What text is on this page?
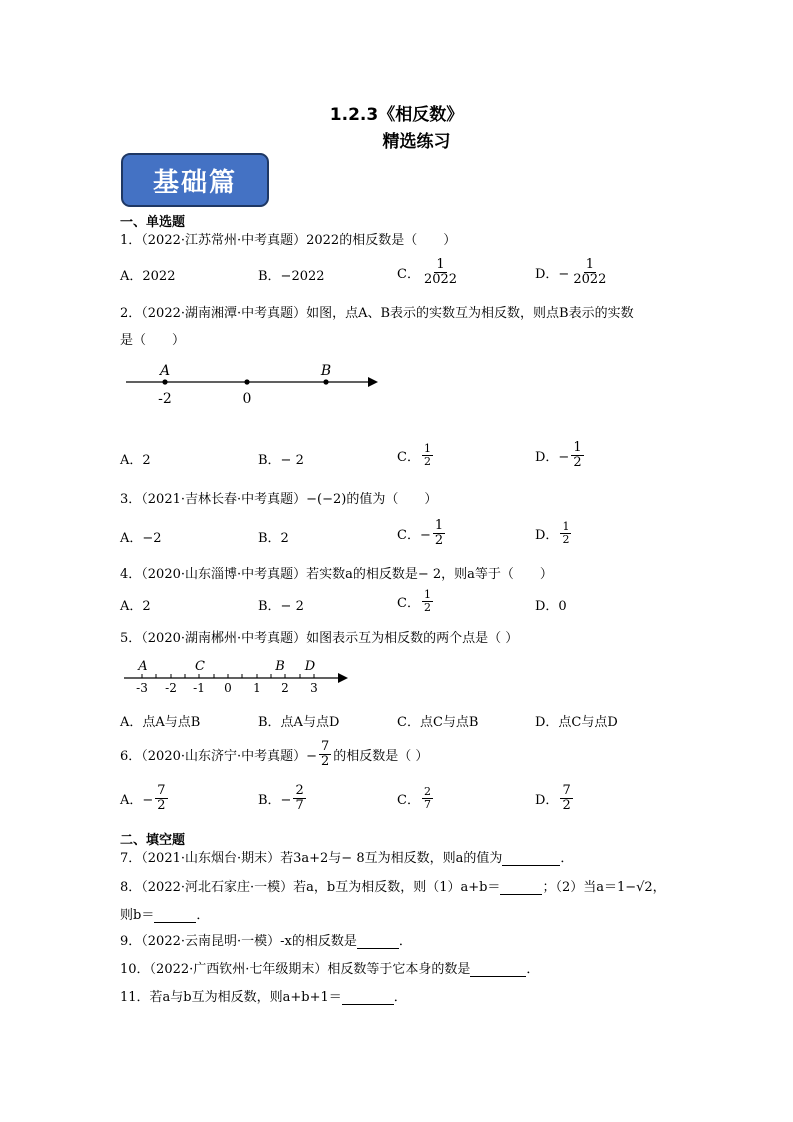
1.2.3《相反数》
精选练习
基础篇
一、单选题
1．（2022·江苏常州·中考真题）2022的相反数是（　　）
A．2022	B．−2022	C． $\frac{1}{2022}$	D．− $\frac{1}{2022}$
2．（2022·湖南湘潭·中考真题）如图，点A、B表示的实数互为相反数，则点B表示的实数
是（　　）
A	B
-2	0
A．2	B．− 2	C． $\frac{1}{2}$	D．− $\frac{1}{2}$
3．（2021·吉林长春·中考真题）−(−2)的值为（　　）
A．−2	B．2	C．− $\frac{1}{2}$	D． $\frac{1}{2}$
4．（2020·山东淄博·中考真题）若实数a的相反数是− 2，则a等于（　　）
A．2	B．− 2	C． $\frac{1}{2}$	D．0
5．（2020·湖南郴州·中考真题）如图表示互为相反数的两个点是（ ）
A	C	B D
-3 -2 -1 0 1 2 3
A．点A与点B	B．点A与点D	C．点C与点B	D．点C与点D
6．（2020·山东济宁·中考真题）− $\frac{7}{2}$ 的相反数是（ ）
A．− $\frac{7}{2}$	B．− $\frac{2}{7}$	C． $\frac{2}{7}$	D． $\frac{7}{2}$
二、填空题
7．（2021·山东烟台·期末）若3a+2与− 8互为相反数，则a的值为	．
8．（2022·河北石家庄·一模）若a，b互为相反数，则（1）a+b＝	；（2）当a＝1−√2，
则b＝	．
9．（2022·云南昆明·一模）-x的相反数是	．
10．（2022·广西钦州·七年级期末）相反数等于它本身的数是	．
11．若a与b互为相反数，则a+b+1＝	．
